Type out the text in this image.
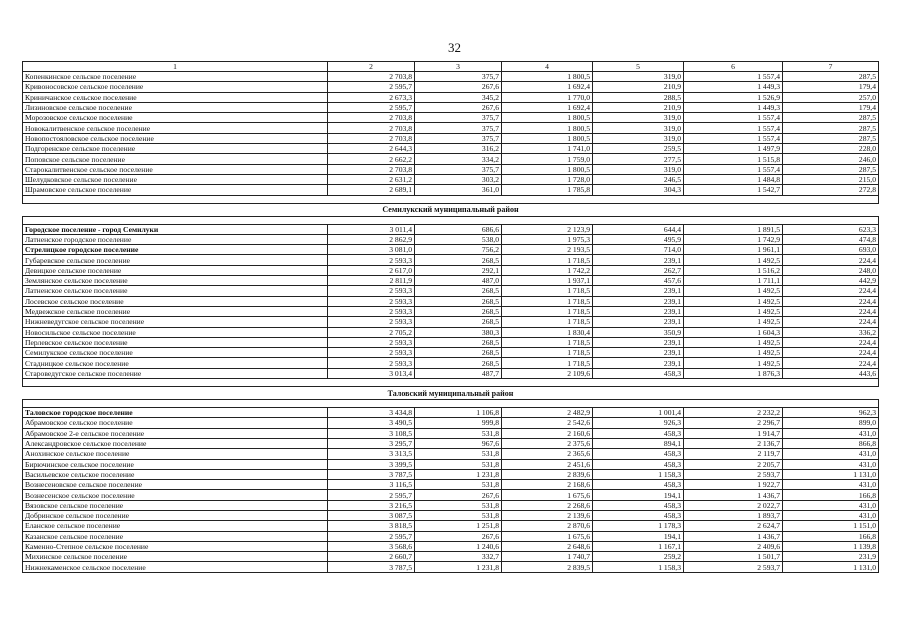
32
1	2	3	4	5	6	7
Копенкинское сельское поселение	2 703,8	375,7	1 800,5	319,0	1 557,4	287,5
Кривоносовское сельское поселение	2 595,7	267,6	1 692,4	210,9	1 449,3	179,4
Криничанское сельское поселение	2 673,3	345,2	1 770,0	288,5	1 526,9	257,0
Лизиновское сельское поселение	2 595,7	267,6	1 692,4	210,9	1 449,3	179,4
Морозовское сельское поселение	2 703,8	375,7	1 800,5	319,0	1 557,4	287,5
Новокалитвенское сельское поселение	2 703,8	375,7	1 800,5	319,0	1 557,4	287,5
Новопостояловское сельское поселение	2 703,8	375,7	1 800,5	319,0	1 557,4	287,5
Подгоренское сельское поселение	2 644,3	316,2	1 741,0	259,5	1 497,9	228,0
Поповское сельское поселение	2 662,2	334,2	1 759,0	277,5	1 515,8	246,0
Старокалитвенское сельское поселение	2 703,8	375,7	1 800,5	319,0	1 557,4	287,5
Шелудковское сельское поселение	2 631,2	303,2	1 728,0	246,5	1 484,8	215,0
Шрамовское сельское поселение	2 689,1	361,0	1 785,8	304,3	1 542,7	272,8

Семилукский муниципальный район						

Городское поселение - город Семилуки	3 011,4	686,6	2 123,9	644,4	1 891,5	623,3
Латненское городское поселение	2 862,9	538,0	1 975,3	495,9	1 742,9	474,8
Стрелицкое городское поселение	3 081,0	756,2	2 193,5	714,0	1 961,1	693,0
Губаревское сельское поселение	2 593,3	268,5	1 718,5	239,1	1 492,5	224,4
Девицкое сельское поселение	2 617,0	292,1	1 742,2	262,7	1 516,2	248,0
Землянское сельское поселение	2 811,9	487,0	1 937,1	457,6	1 711,1	442,9
Латненское сельское поселение	2 593,3	268,5	1 718,5	239,1	1 492,5	224,4
Лосевское сельское поселение	2 593,3	268,5	1 718,5	239,1	1 492,5	224,4
Медвежское сельское поселение	2 593,3	268,5	1 718,5	239,1	1 492,5	224,4
Нижневедугское сельское поселение	2 593,3	268,5	1 718,5	239,1	1 492,5	224,4
Новосильское сельское поселение	2 705,2	380,3	1 830,4	350,9	1 604,3	336,2
Перлевское сельское поселение	2 593,3	268,5	1 718,5	239,1	1 492,5	224,4
Семилукское сельское поселение	2 593,3	268,5	1 718,5	239,1	1 492,5	224,4
Стадницкое сельское поселение	2 593,3	268,5	1 718,5	239,1	1 492,5	224,4
Староведугское сельское поселение	3 013,4	487,7	2 109,6	458,3	1 876,3	443,6

Таловский муниципальный район						

Таловское городское поселение	3 434,8	1 106,8	2 482,9	1 001,4	2 232,2	962,3
Абрамовское сельское поселение	3 490,5	999,8	2 542,6	926,3	2 296,7	899,0
Абрамовское 2-е сельское поселение	3 108,5	531,8	2 160,6	458,3	1 914,7	431,0
Александровское сельское поселение	3 295,7	967,6	2 375,6	894,1	2 136,7	866,8
Анохинское сельское поселение	3 313,5	531,8	2 365,6	458,3	2 119,7	431,0
Бирючинское сельское поселение	3 399,5	531,8	2 451,6	458,3	2 205,7	431,0
Васильевское сельское поселение	3 787,5	1 231,8	2 839,6	1 158,3	2 593,7	1 131,0
Вознесеновское сельское поселение	3 116,5	531,8	2 168,6	458,3	1 922,7	431,0
Вознесенское сельское поселение	2 595,7	267,6	1 675,6	194,1	1 436,7	166,8
Вязовское сельское поселение	3 216,5	531,8	2 268,6	458,3	2 022,7	431,0
Добринское сельское поселение	3 087,5	531,8	2 139,6	458,3	1 893,7	431,0
Еланское сельское поселение	3 818,5	1 251,8	2 870,6	1 178,3	2 624,7	1 151,0
Казанское сельское поселение	2 595,7	267,6	1 675,6	194,1	1 436,7	166,8
Каменно-Степное сельское поселение	3 568,6	1 240,6	2 648,6	1 167,1	2 409,6	1 139,8
Михинское сельское поселение	2 660,7	332,7	1 740,7	259,2	1 501,7	231,9
Нижнекаменское сельское поселение	3 787,5	1 231,8	2 839,5	1 158,3	2 593,7	1 131,0
